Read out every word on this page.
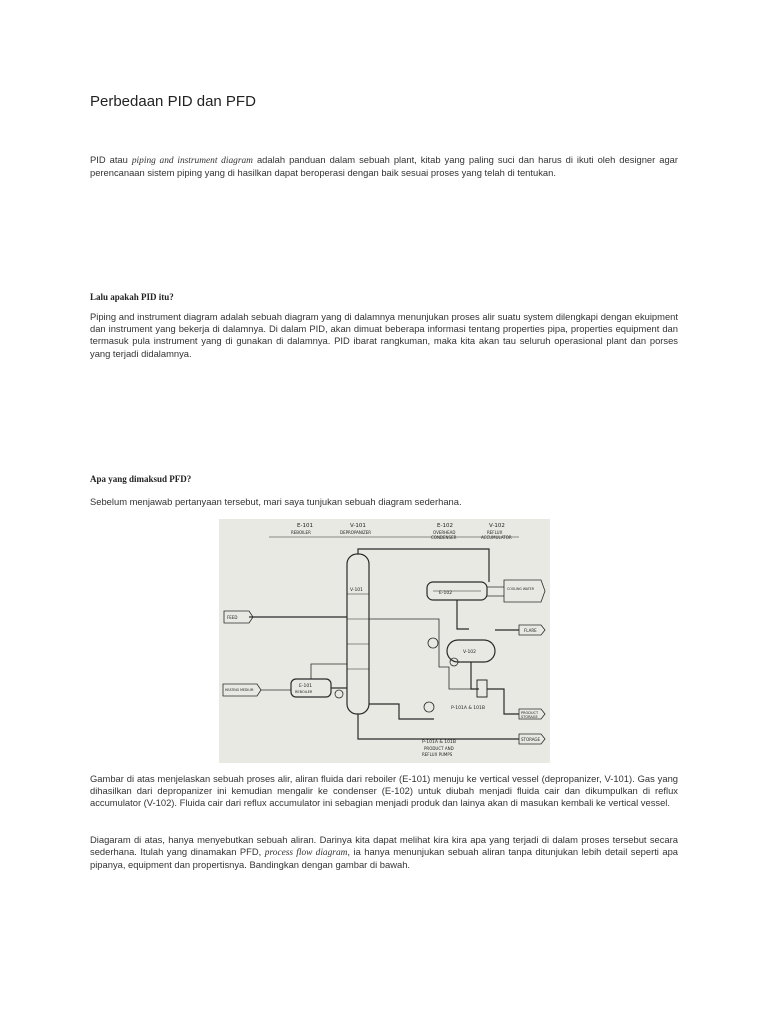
Perbedaan PID dan PFD

PID atau piping and instrument diagram adalah panduan dalam sebuah plant, kitab yang paling suci dan harus di ikuti oleh designer agar perencanaan sistem piping yang di hasilkan dapat beroperasi dengan baik sesuai proses yang telah di tentukan.

Lalu apakah PID itu?

Piping and instrument diagram adalah sebuah diagram yang di dalamnya menunjukan proses alir suatu system dilengkapi dengan ekuipment dan instrument yang bekerja di dalamnya. Di dalam PID, akan dimuat beberapa informasi tentang properties pipa, properties equipment dan termasuk pula instrument yang di gunakan di dalamnya. PID ibarat rangkuman, maka kita akan tau seluruh operasional plant dan porses yang terjadi didalamnya.

Apa yang dimaksud PFD?

Sebelum menjawab pertanyaan tersebut, mari saya tunjukan sebuah diagram sederhana.

E-101
REBOILER
V-101
DEPROPANIZER
E-102
OVERHEAD
CONDENSER
V-102
REFLUX
ACCUMULATOR
V-101
E-102
E-101
REBOILER
V-102
P-101A & 101B
FEED
FLARE
PRODUCT
STORAGE
STORAGE
COOLING WATER
HEATING MEDIUM
P-101A & 101B
PRODUCT AND
REFLUX PUMPS

Gambar di atas menjelaskan sebuah proses alir, aliran fluida dari reboiler (E-101) menuju ke vertical vessel (depropanizer, V-101). Gas yang dihasilkan dari depropanizer ini kemudian mengalir ke condenser (E-102) untuk diubah menjadi fluida cair dan dikumpulkan di reflux accumulator (V-102). Fluida cair dari reflux accumulator ini sebagian menjadi produk dan lainya akan di masukan kembali ke vertical vessel.

Diagaram di atas, hanya menyebutkan sebuah aliran. Darinya kita dapat melihat kira kira apa yang terjadi di dalam proses tersebut secara sederhana. Itulah yang dinamakan PFD, process flow diagram, ia hanya menunjukan sebuah aliran tanpa ditunjukan lebih detail seperti apa pipanya, equipment dan propertisnya. Bandingkan dengan gambar di bawah.
